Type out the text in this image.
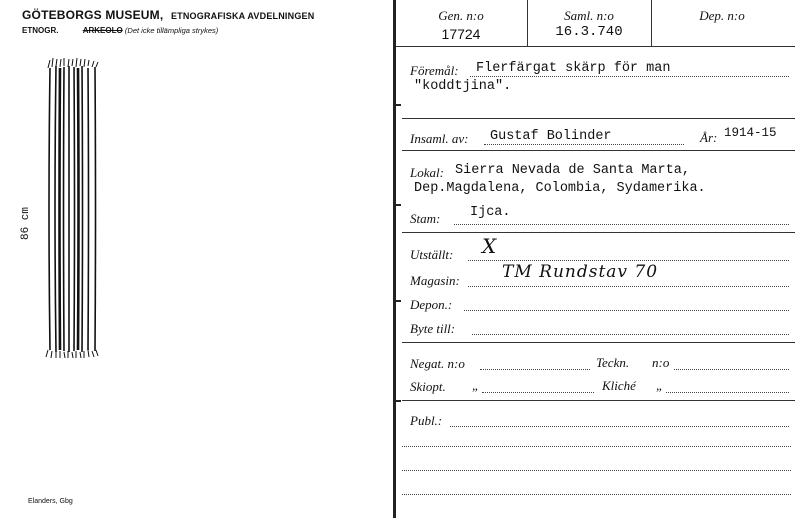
GÖTEBORGS MUSEUM, ETNOGRAFISKA AVDELNINGEN
ETNOGR.	ARKEOLO (Det icke tillämpliga strykes)
86 cm
Elanders, Gbg
Gen. n:o
17724
Saml. n:o
16.3.740
Dep. n:o
Föremål: Flerfärgat skärp för man
"koddtjina".
Insaml. av: Gustaf Bolinder	År: 1914-15
Lokal: Sierra Nevada de Santa Marta,
Dep.Magdalena, Colombia, Sydamerika.
Stam: Ijca.
Utställt: X
Magasin: TM Rundstav 70
Depon.:
Byte till:
Negat. n:o	Teckn. n:o
Skiopt. „	Kliché „
Publ.:
